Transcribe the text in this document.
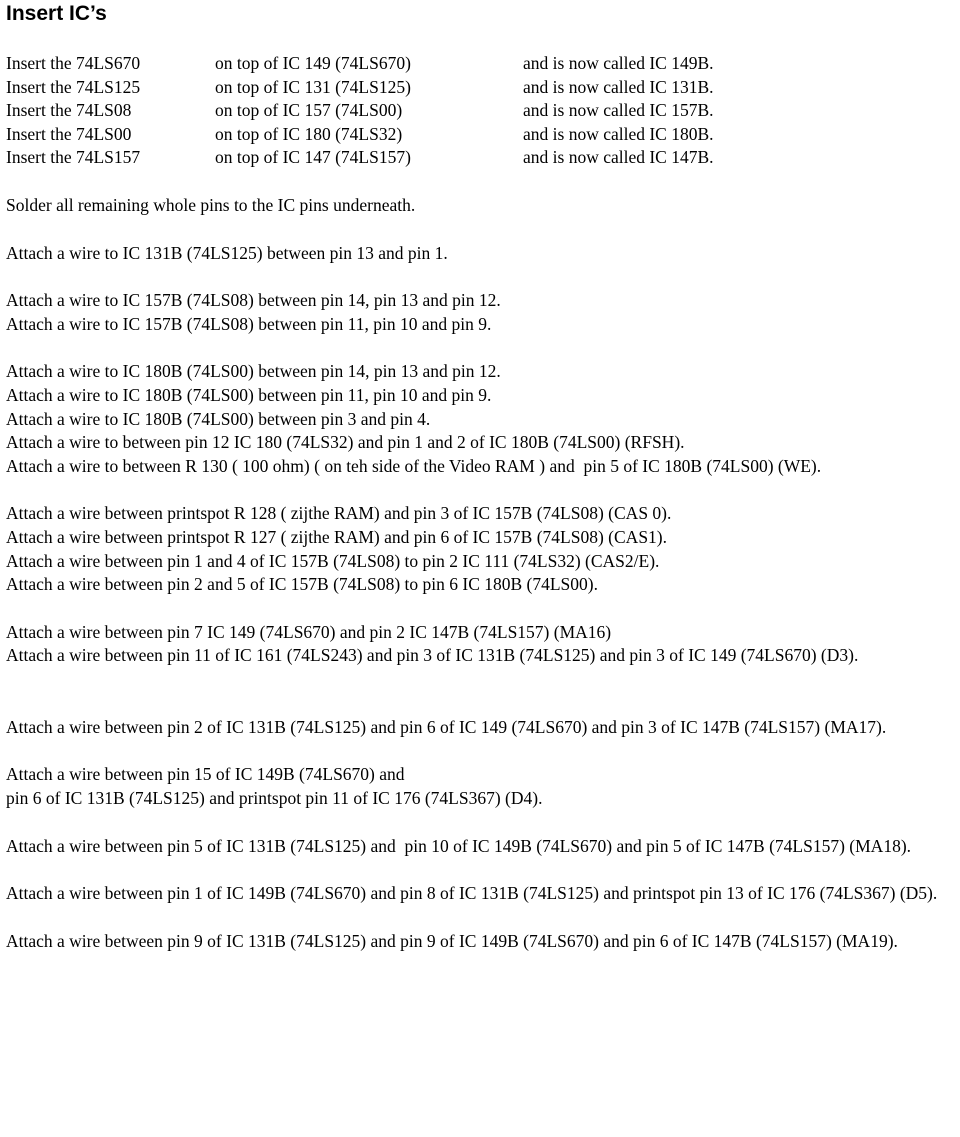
Insert IC’s
Insert the 74LS670	on top of IC 149 (74LS670)	and is now called IC 149B.
Insert the 74LS125	on top of IC 131 (74LS125)	and is now called IC 131B.
Insert the 74LS08	on top of IC 157 (74LS00)	and is now called IC 157B.
Insert the 74LS00	on top of IC 180 (74LS32)	and is now called IC 180B.
Insert the 74LS157	on top of IC 147 (74LS157)	and is now called IC 147B.

Solder all remaining whole pins to the IC pins underneath.

Attach a wire to IC 131B (74LS125) between pin 13 and pin 1.

Attach a wire to IC 157B (74LS08) between pin 14, pin 13 and pin 12.

Attach a wire to IC 157B (74LS08) between pin 11, pin 10 and pin 9.

Attach a wire to IC 180B (74LS00) between pin 14, pin 13 and pin 12.

Attach a wire to IC 180B (74LS00) between pin 11, pin 10 and pin 9.

Attach a wire to IC 180B (74LS00) between pin 3 and pin 4.

Attach a wire to between pin 12 IC 180 (74LS32) and pin 1 and 2 of IC 180B (74LS00) (RFSH).

Attach a wire to between R 130 ( 100 ohm) ( on teh side of the Video RAM ) and  pin 5 of IC 180B (74LS00) (WE).

Attach a wire between printspot R 128 ( zijthe RAM) and pin 3 of IC 157B (74LS08) (CAS 0).

Attach a wire between printspot R 127 ( zijthe RAM) and pin 6 of IC 157B (74LS08) (CAS1).

Attach a wire between pin 1 and 4 of IC 157B (74LS08) to pin 2 IC 111 (74LS32) (CAS2/E).

Attach a wire between pin 2 and 5 of IC 157B (74LS08) to pin 6 IC 180B (74LS00).

Attach a wire between pin 7 IC 149 (74LS670) and pin 2 IC 147B (74LS157) (MA16)

Attach a wire between pin 11 of IC 161 (74LS243) and pin 3 of IC 131B (74LS125) and pin 3 of IC 149 (74LS670) (D3).

Attach a wire between pin 2 of IC 131B (74LS125) and pin 6 of IC 149 (74LS670) and pin 3 of IC 147B (74LS157) (MA17).

Attach a wire between pin 15 of IC 149B (74LS670) and

pin 6 of IC 131B (74LS125) and printspot pin 11 of IC 176 (74LS367) (D4).

Attach a wire between pin 5 of IC 131B (74LS125) and  pin 10 of IC 149B (74LS670) and pin 5 of IC 147B (74LS157) (MA18).

Attach a wire between pin 1 of IC 149B (74LS670) and pin 8 of IC 131B (74LS125) and printspot pin 13 of IC 176 (74LS367) (D5).

Attach a wire between pin 9 of IC 131B (74LS125) and pin 9 of IC 149B (74LS670) and pin 6 of IC 147B (74LS157) (MA19).
